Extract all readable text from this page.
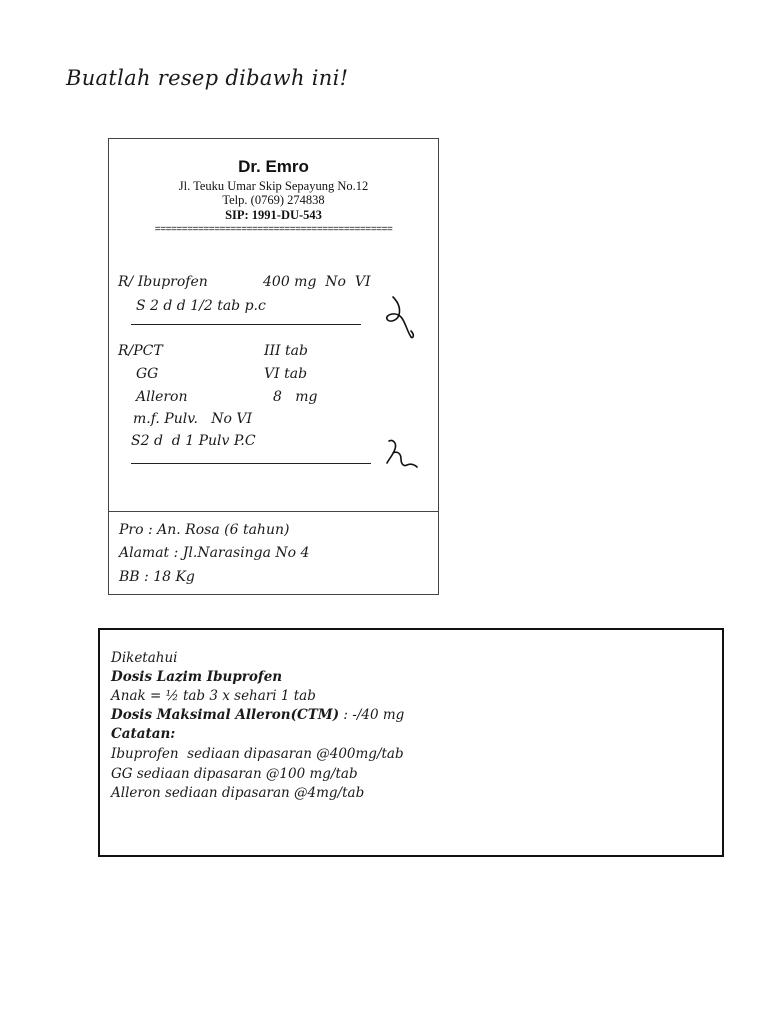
Buatlah resep dibawh ini!
Dr. Emro
Jl. Teuku Umar Skip Sepayung No.12
Telp. (0769) 274838
SIP: 1991-DU-543
============================================
R/ Ibuprofen	400 mg  No  VI
S 2 d d 1/2 tab p.c
R/PCT	III tab
GG	VI tab
Alleron	8   mg
m.f. Pulv.   No VI
S2 d  d 1 Pulv P.C
Pro : An. Rosa (6 tahun)
Alamat : Jl.Narasinga No 4
BB : 18 Kg
Diketahui
Dosis Lazim Ibuprofen
Anak = ½ tab 3 x sehari 1 tab
Dosis Maksimal Alleron(CTM) : -/40 mg
Catatan:
Ibuprofen  sediaan dipasaran @400mg/tab
GG sediaan dipasaran @100 mg/tab
Alleron sediaan dipasaran @4mg/tab
